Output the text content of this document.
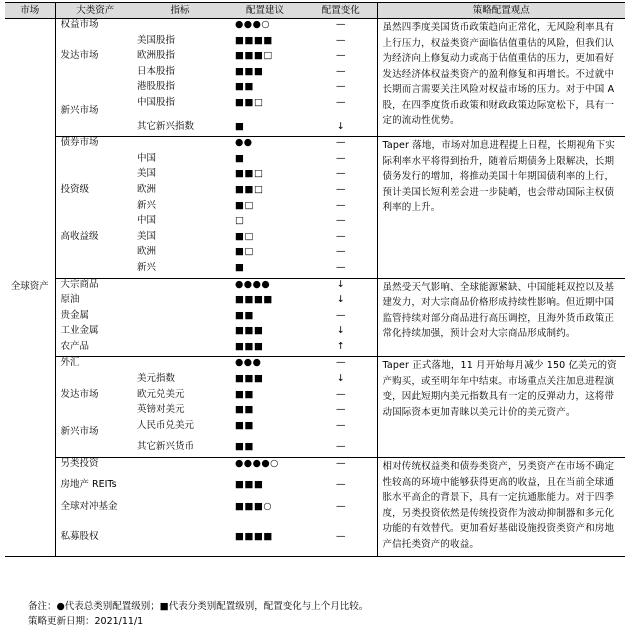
市场	大类资产	指标	配置建议	配置变化	策略配置观点
全球资产	权益市场		●●●○	—	虽然四季度美国货币政策趋向正常化，无风险利率具有上行压力，权益类资产面临估值重估的风险，但我们认为经济向上修复动力或高于估值重估的压力，更加看好发达经济体权益类资产的盈利修复和再增长。不过就中长期而言需要关注风险对权益市场的压力。对于中国 A 股，在四季度货币政策和财政政策边际宽松下，具有一定的流动性优势。
		美国股指	■■■■	—	
	发达市场	欧洲股指	■■■□	—	
		日本股指	■■■	—	
		港股股指	■■	—	
	新兴市场	中国股指	■■□	—	
		其它新兴指数	■	↓	
	债券市场		●●	—	Taper 落地，市场对加息进程提上日程，长期视角下实际利率水平将得到抬升，随着后期债务上限解决，长期债务发行的增加，将推动美国十年期国债利率的上行，预计美国长短利差会进一步陡峭，也会带动国际主权债利率的上升。
		中国	■	—	
		美国	■■□	—	
	投资级	欧洲	■■□	—	
		新兴	■□	—	
		中国	□	—	
	高收益级	美国	■□	—	
		欧洲	■□	—	
		新兴	■	—	
	大宗商品		●●●●	↓	虽然受天气影响、全球能源紧缺、中国能耗双控以及基建发力，对大宗商品价格形成持续性影响。但近期中国监管持续对部分商品进行高压调控，且海外货币政策正常化持续加强，预计会对大宗商品形成制约。
	原油		■■■■	↓	
	贵金属		■■	—	
	工业金属		■■■	↓	
	农产品		■■■	↑	
	外汇		●●●	—	Taper 正式落地，11 月开始每月减少 150 亿美元的资产购买，或至明年年中结束。市场重点关注加息进程演变，因此短期内美元指数具有一定的反弹动力，这将带动国际资本更加青睐以美元计价的美元资产。
		美元指数	■■■	↓	
	发达市场	欧元兑美元	■■	—	
		英镑对美元	■■	—	
	新兴市场	人民币兑美元	■■	—	
		其它新兴货币	■■	—	
	另类投资		●●●●○	—	相对传统权益类和债券类资产，另类资产在市场不确定性较高的环境中能够获得更高的收益，且在当前全球通胀水平高企的背景下，具有一定抗通胀能力。对于四季度，另类投资依然是传统投资作为波动抑制器和多元化功能的有效替代。更加看好基础设施投资类资产和房地产信托类资产的收益。
	房地产 REITs		■■■	—	
	全球对冲基金		■■■○	—	
	私募股权		■■■■	—	
备注：●代表总类别配置级别；■代表分类别配置级别，配置变化与上个月比较。
策略更新日期：2021/11/1
